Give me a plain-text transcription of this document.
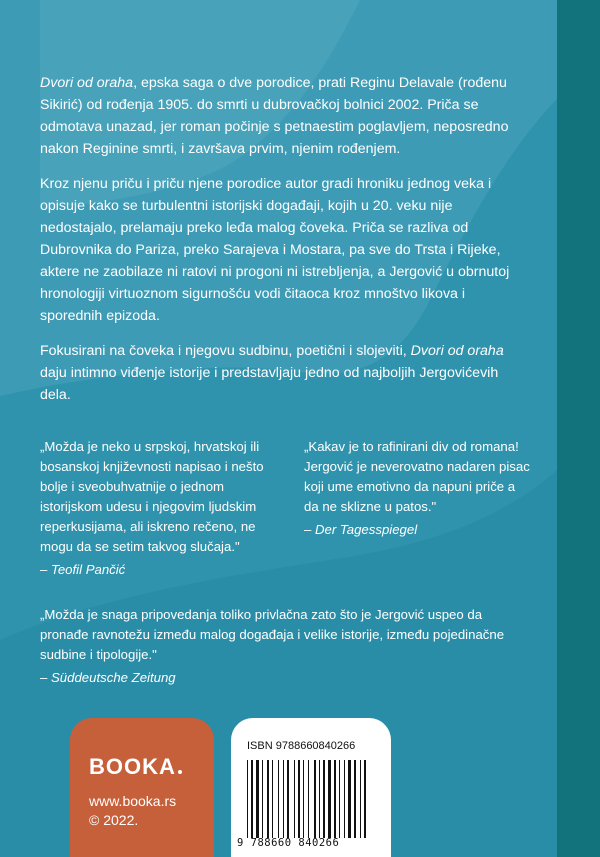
Dvori od oraha, epska saga o dve porodice, prati Reginu Delavale (rođenu Sikirić) od rođenja 1905. do smrti u dubrovačkoj bolnici 2002. Priča se odmotava unazad, jer roman počinje s petnaestim poglavljem, neposredno nakon Reginine smrti, i završava prvim, njenim rođenjem.

Kroz njenu priču i priču njene porodice autor gradi hroniku jednog veka i opisuje kako se turbulentni istorijski događaji, kojih u 20. veku nije nedostajalo, prelamaju preko leđa malog čoveka. Priča se razliva od Dubrovnika do Pariza, preko Sarajeva i Mostara, pa sve do Trsta i Rijeke, aktere ne zaobilaze ni ratovi ni progoni ni istrebljenja, a Jergović u obrnutoj hronologiji virtuoznom sigurnošću vodi čitaoca kroz mnoštvo likova i sporednih epizoda.

Fokusirani na čoveka i njegovu sudbinu, poetični i slojeviti, Dvori od oraha daju intimno viđenje istorije i predstavljaju jedno od najboljih Jergovićevih dela.

„Možda je neko u srpskoj, hrvatskoj ili bosanskoj književnosti napisao i nešto bolje i sveobuhvatnije o jednom istorijskom udesu i njegovim ljudskim reperkusijama, ali iskreno rečeno, ne mogu da se setim takvog slučaja."
– Teofil Pančić
„Kakav je to rafinirani div od romana! Jergović je neverovatno nadaren pisac koji ume emotivno da napuni priče a da ne sklizne u patos."
– Der Tagesspiegel
„Možda je snaga pripovedanja toliko privlačna zato što je Jergović uspeo da pronađe ravnotežu između malog događaja i velike istorije, između pojedinačne sudbine i tipologije."
– Süddeutsche Zeitung
BOOKA
www.booka.rs
© 2022.
ISBN 9788660840266
9 788660 840266
